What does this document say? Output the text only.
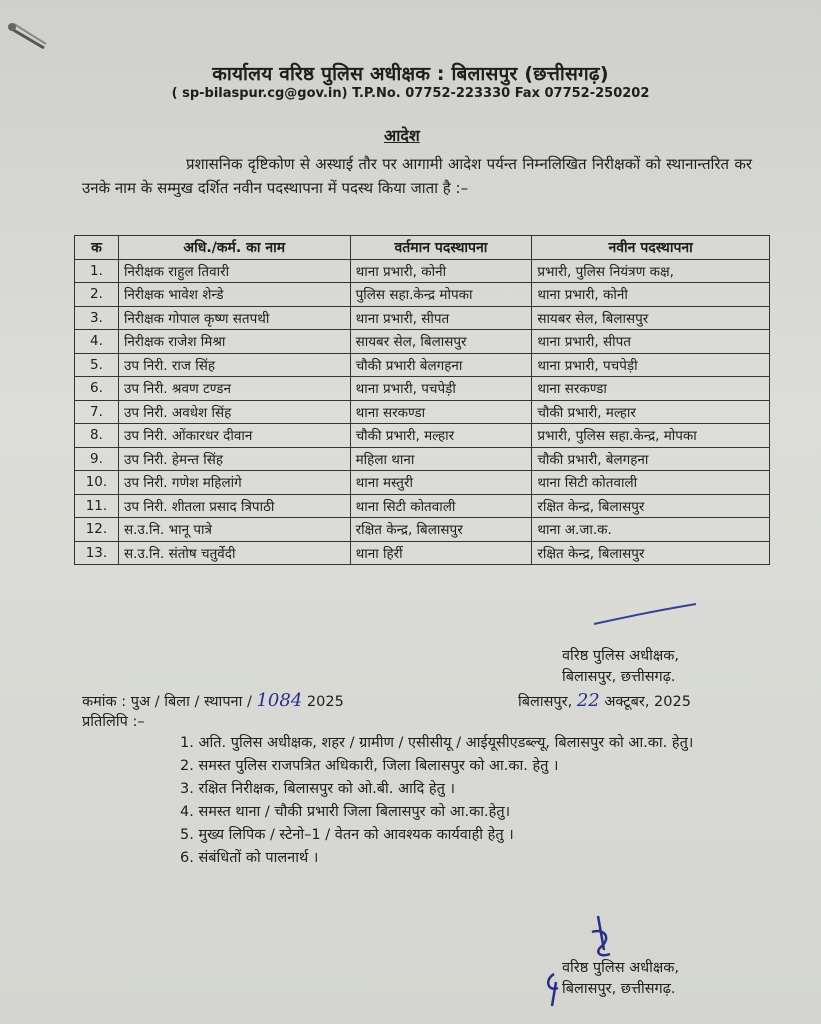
कार्यालय वरिष्ठ पुलिस अधीक्षक : बिलासपुर (छत्तीसगढ़)
( sp-bilaspur.cg@gov.in) T.P.No. 07752-223330 Fax 07752-250202
आदेश
प्रशासनिक दृष्टिकोण से अस्थाई तौर पर आगामी आदेश पर्यन्त निम्नलिखित निरीक्षकों को स्थानान्तरित कर उनके नाम के सम्मुख दर्शित नवीन पदस्थापना में पदस्थ किया जाता है :–
क	अधि./कर्म. का नाम	वर्तमान पदस्थापना	नवीन पदस्थापना
1.	निरीक्षक राहुल तिवारी	थाना प्रभारी, कोनी	प्रभारी, पुलिस नियंत्रण कक्ष,
2.	निरीक्षक भावेश शेन्डे	पुलिस सहा.केन्द्र मोपका	थाना प्रभारी, कोनी
3.	निरीक्षक गोपाल कृष्ण सतपथी	थाना प्रभारी, सीपत	सायबर सेल, बिलासपुर
4.	निरीक्षक राजेश मिश्रा	सायबर सेल, बिलासपुर	थाना प्रभारी, सीपत
5.	उप निरी. राज सिंह	चौकी प्रभारी बेलगहना	थाना प्रभारी, पचपेड़ी
6.	उप निरी. श्रवण टण्डन	थाना प्रभारी, पचपेड़ी	थाना सरकण्डा
7.	उप निरी. अवधेश सिंह	थाना सरकण्डा	चौकी प्रभारी, मल्हार
8.	उप निरी. ओंकारधर दीवान	चौकी प्रभारी, मल्हार	प्रभारी, पुलिस सहा.केन्द्र, मोपका
9.	उप निरी. हेमन्त सिंह	महिला थाना	चौकी प्रभारी, बेलगहना
10.	उप निरी. गणेश महिलांगे	थाना मस्तुरी	थाना सिटी कोतवाली
11.	उप निरी. शीतला प्रसाद त्रिपाठी	थाना सिटी कोतवाली	रक्षित केन्द्र, बिलासपुर
12.	स.उ.नि. भानू पात्रे	रक्षित केन्द्र, बिलासपुर	थाना अ.जा.क.
13.	स.उ.नि. संतोष चतुर्वेदी	थाना हिर्री	रक्षित केन्द्र, बिलासपुर
वरिष्ठ पुलिस अधीक्षक,
बिलासपुर, छत्तीसगढ़.
कमांक : पुअ / बिला / स्थापना / 1084 2025	बिलासपुर, 22 अक्टूबर, 2025
प्रतिलिपि :–
1. अति. पुलिस अधीक्षक, शहर / ग्रामीण / एसीसीयू / आईयूसीएडब्ल्यू, बिलासपुर को आ.का. हेतु।
2. समस्त पुलिस राजपत्रित अधिकारी, जिला बिलासपुर को आ.का. हेतु ।
3. रक्षित निरीक्षक, बिलासपुर को ओ.बी. आदि हेतु ।
4. समस्त थाना / चौकी प्रभारी जिला बिलासपुर को आ.का.हेतु।
5. मुख्य लिपिक / स्टेनो–1 / वेतन को आवश्यक कार्यवाही हेतु ।
6. संबंधितों को पालनार्थ ।
वरिष्ठ पुलिस अधीक्षक,
बिलासपुर, छत्तीसगढ़.
